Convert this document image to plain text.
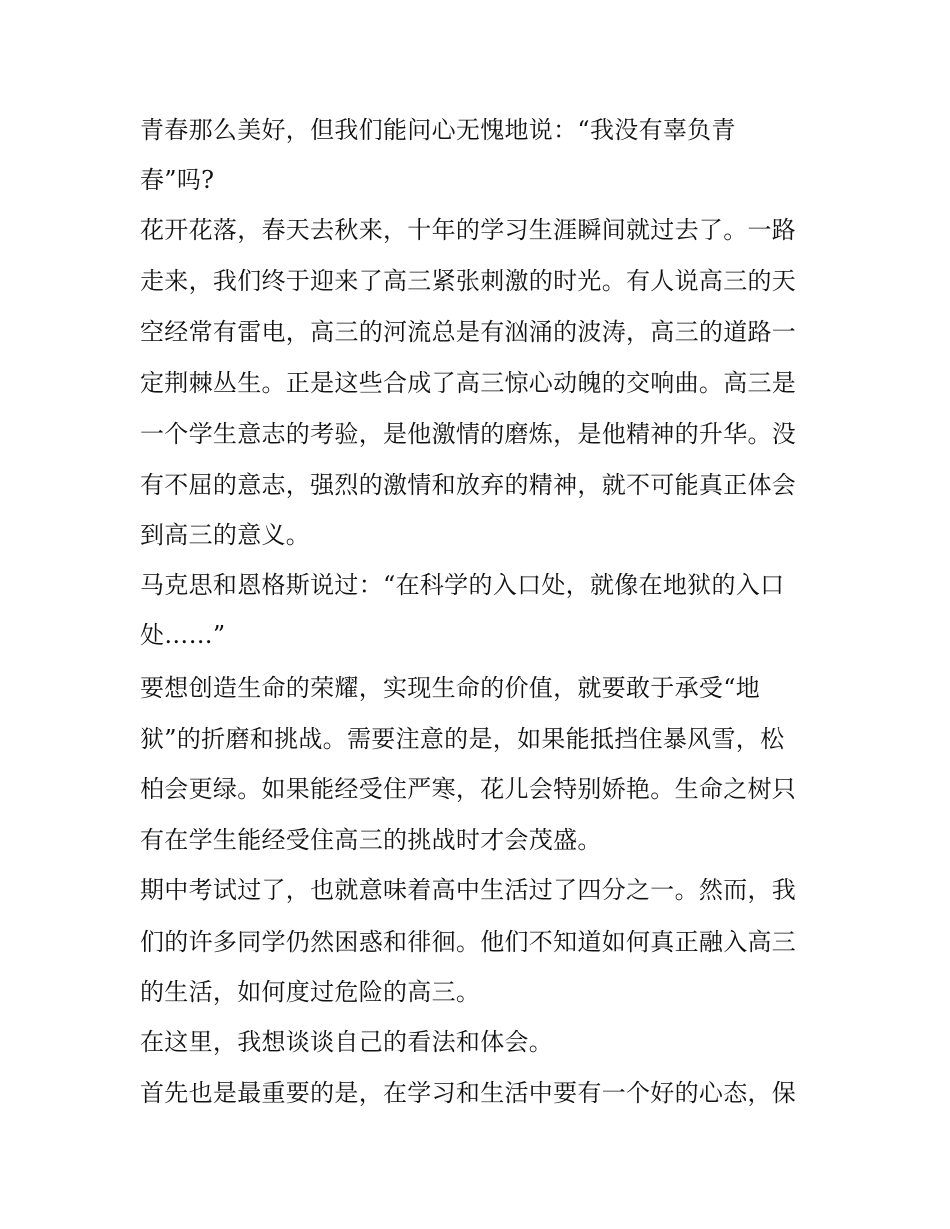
青春那么美好，但我们能问心无愧地说：“我没有辜负青
春”吗?
花开花落，春天去秋来，十年的学习生涯瞬间就过去了。一路
走来，我们终于迎来了高三紧张刺激的时光。有人说高三的天
空经常有雷电，高三的河流总是有汹涌的波涛，高三的道路一
定荆棘丛生。正是这些合成了高三惊心动魄的交响曲。高三是
一个学生意志的考验，是他激情的磨炼，是他精神的升华。没
有不屈的意志，强烈的激情和放弃的精神，就不可能真正体会
到高三的意义。
马克思和恩格斯说过：“在科学的入口处，就像在地狱的入口
处……”
要想创造生命的荣耀，实现生命的价值，就要敢于承受“地
狱”的折磨和挑战。需要注意的是，如果能抵挡住暴风雪，松
柏会更绿。如果能经受住严寒，花儿会特别娇艳。生命之树只
有在学生能经受住高三的挑战时才会茂盛。
期中考试过了，也就意味着高中生活过了四分之一。然而，我
们的许多同学仍然困惑和徘徊。他们不知道如何真正融入高三
的生活，如何度过危险的高三。
在这里，我想谈谈自己的看法和体会。
首先也是最重要的是，在学习和生活中要有一个好的心态，保
